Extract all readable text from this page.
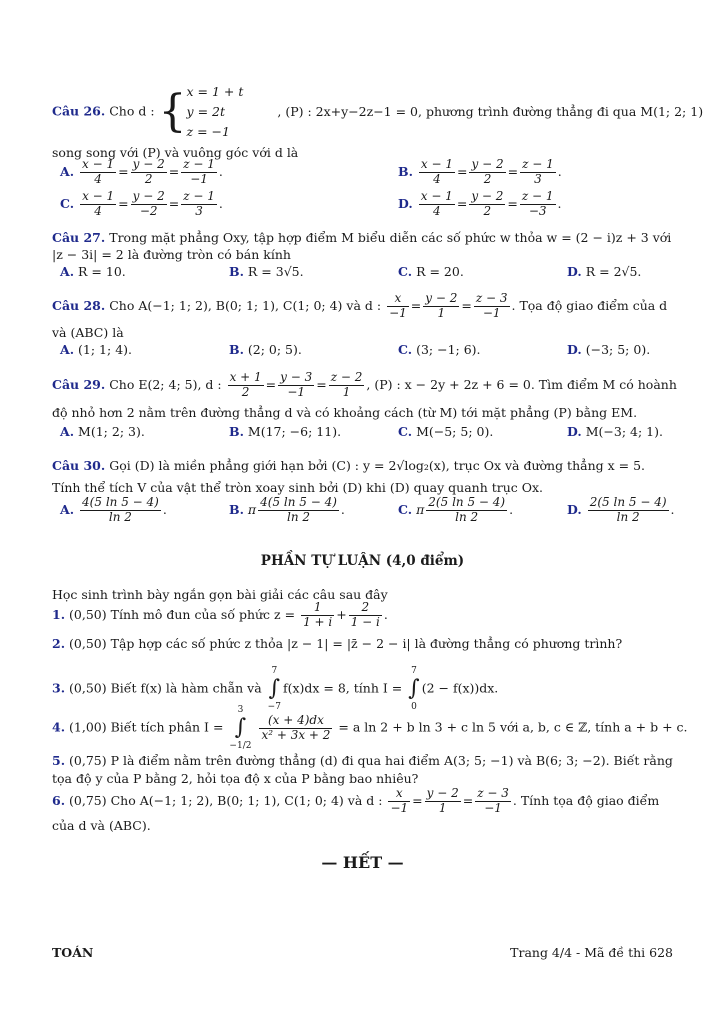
Câu 26. Cho d : {x = 1 + t
y = 2t
z = −1 , (P) : 2x+y−2z−1 = 0, phương trình đường thẳng đi qua M(1; 2; 1)
song song với (P) và vuông góc với d là
A. $\frac{x - 1}{4} = \frac{y - 2}{2} = \frac{z - 1}{-1}$ .	B. $\frac{x - 1}{4} = \frac{y - 2}{2} = \frac{z - 1}{3}$ .
C. $\frac{x - 1}{4} = \frac{y - 2}{-2} = \frac{z - 1}{3}$ .	D. $\frac{x - 1}{4} = \frac{y - 2}{2} = \frac{z - 1}{-3}$ .
Câu 27. Trong mặt phẳng Oxy, tập hợp điểm M biểu diễn các số phức w thỏa w = (2 − i)z + 3 với
|z − 3i| = 2 là đường tròn có bán kính
A. R = 10.	B. R = 3√5.	C. R = 20.	D. R = 2√5.
Câu 28. Cho A(−1; 1; 2), B(0; 1; 1), C(1; 0; 4) và d : $\frac{x}{-1} = \frac{y - 2}{1} = \frac{z - 3}{-1}$ . Tọa độ giao điểm của d
và (ABC) là
A. (1; 1; 4).	B. (2; 0; 5).	C. (3; −1; 6).	D. (−3; 5; 0).
Câu 29. Cho E(2; 4; 5), d : $\frac{x + 1}{2} = \frac{y - 3}{-1} = \frac{z - 2}{1}$ , (P) : x − 2y + 2z + 6 = 0. Tìm điểm M có hoành
độ nhỏ hơn 2 nằm trên đường thẳng d và có khoảng cách (từ M) tới mặt phẳng (P) bằng EM.
A. M(1; 2; 3).	B. M(17; −6; 11).	C. M(−5; 5; 0).	D. M(−3; 4; 1).
Câu 30. Gọi (D) là miền phẳng giới hạn bởi (C) : y = 2√log₂(x), trục Ox và đường thẳng x = 5.
Tính thể tích V của vật thể tròn xoay sinh bởi (D) khi (D) quay quanh trục Ox.
A. $\frac{4(5 \ln 5 - 4)}{\ln 2}$ .	B. π $\frac{4(5 \ln 5 - 4)}{\ln 2}$ .	C. π $\frac{2(5 \ln 5 - 4)}{\ln 2}$ .	D. $\frac{2(5 \ln 5 - 4)}{\ln 2}$ .
PHẦN TỰ LUẬN (4,0 điểm)
Học sinh trình bày ngắn gọn bài giải các câu sau đây
1. (0,50) Tính mô đun của số phức $z = \frac{1}{1 + i} + \frac{2}{1 - i}$ .
2. (0,50) Tập hợp các số phức z thỏa |z − 1| = |z̄ − 2 − i| là đường thẳng có phương trình?
3. (0,50) Biết f(x) là hàm chẵn và
7
∫
−7
f(x)dx = 8, tính I =
7
∫
0
(2 − f(x))dx.
4. (1,00) Biết tích phân I =
3
∫
−1/2

$\frac{(x + 4)dx}{\text{x² + 3x + 2}} = a$ ln 2 + b ln 3 + c ln 5 với a, b, c ∈ ℤ, tính a + b + c.
5. (0,75) P là điểm nằm trên đường thẳng (d) đi qua hai điểm A(3; 5; −1) và B(6; 3; −2). Biết rằng
tọa độ y của P bằng 2, hỏi tọa độ x của P bằng bao nhiêu?
6. (0,75) Cho A(−1; 1; 2), B(0; 1; 1), C(1; 0; 4) và d : $\frac{x}{-1} = \frac{y - 2}{1} = \frac{z - 3}{-1}$ . Tính tọa độ giao điểm
của d và (ABC).
— HẾT —
TOÁN	Trang 4/4 - Mã đề thi 628
